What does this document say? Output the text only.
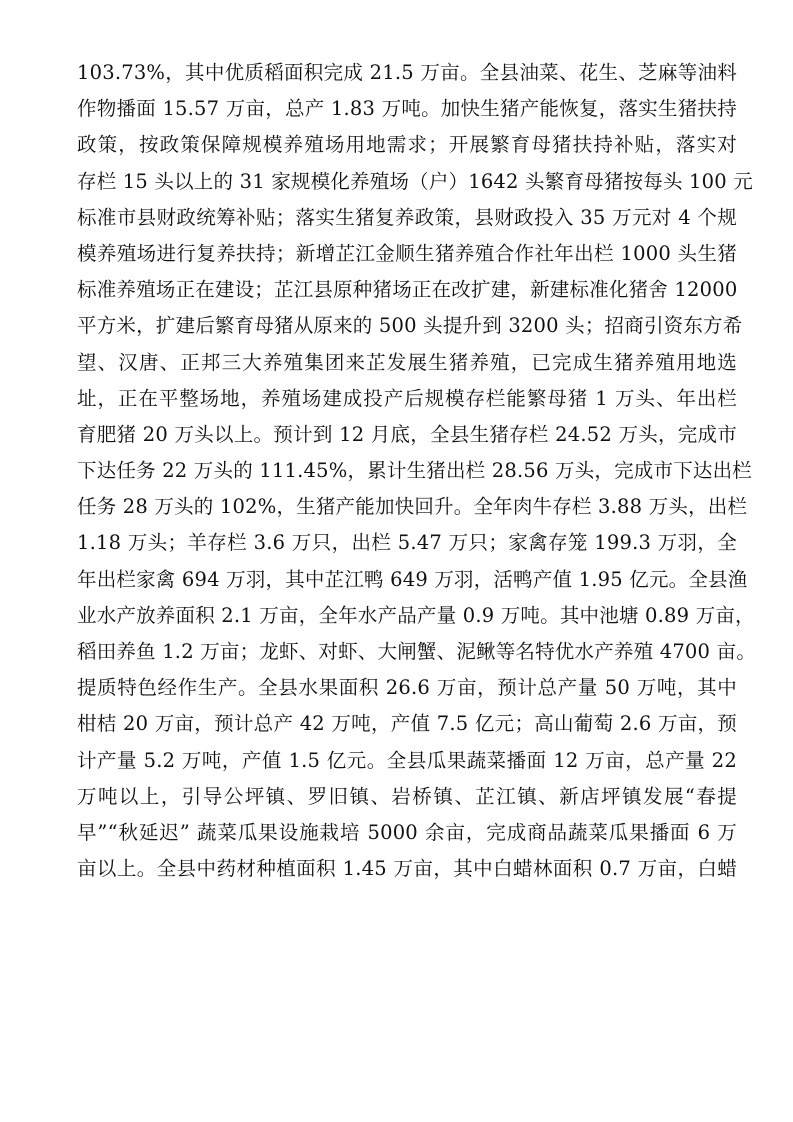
103.73%，其中优质稻面积完成 21.5 万亩。全县油菜、花生、芝麻等油料
作物播面 15.57 万亩，总产 1.83 万吨。加快生猪产能恢复，落实生猪扶持
政策，按政策保障规模养殖场用地需求；开展繁育母猪扶持补贴，落实对
存栏 15 头以上的 31 家规模化养殖场（户）1642 头繁育母猪按每头 100 元
标准市县财政统筹补贴；落实生猪复养政策，县财政投入 35 万元对 4 个规
模养殖场进行复养扶持；新增芷江金顺生猪养殖合作社年出栏 1000 头生猪
标准养殖场正在建设；芷江县原种猪场正在改扩建，新建标准化猪舍 12000
平方米，扩建后繁育母猪从原来的 500 头提升到 3200 头；招商引资东方希
望、汉唐、正邦三大养殖集团来芷发展生猪养殖，已完成生猪养殖用地选
址，正在平整场地，养殖场建成投产后规模存栏能繁母猪 1 万头、年出栏
育肥猪 20 万头以上。预计到 12 月底，全县生猪存栏 24.52 万头，完成市
下达任务 22 万头的 111.45%，累计生猪出栏 28.56 万头，完成市下达出栏
任务 28 万头的 102%，生猪产能加快回升。全年肉牛存栏 3.88 万头，出栏
1.18 万头；羊存栏 3.6 万只，出栏 5.47 万只；家禽存笼 199.3 万羽，全
年出栏家禽 694 万羽，其中芷江鸭 649 万羽，活鸭产值 1.95 亿元。全县渔
业水产放养面积 2.1 万亩，全年水产品产量 0.9 万吨。其中池塘 0.89 万亩，
稻田养鱼 1.2 万亩；龙虾、对虾、大闸蟹、泥鳅等名特优水产养殖 4700 亩。
提质特色经作生产。全县水果面积 26.6 万亩，预计总产量 50 万吨，其中
柑桔 20 万亩，预计总产 42 万吨，产值 7.5 亿元；高山葡萄 2.6 万亩，预
计产量 5.2 万吨，产值 1.5 亿元。全县瓜果蔬菜播面 12 万亩，总产量 22
万吨以上，引导公坪镇、罗旧镇、岩桥镇、芷江镇、新店坪镇发展“春提
早”“秋延迟” 蔬菜瓜果设施栽培 5000 余亩，完成商品蔬菜瓜果播面 6 万
亩以上。全县中药材种植面积 1.45 万亩，其中白蜡林面积 0.7 万亩，白蜡
